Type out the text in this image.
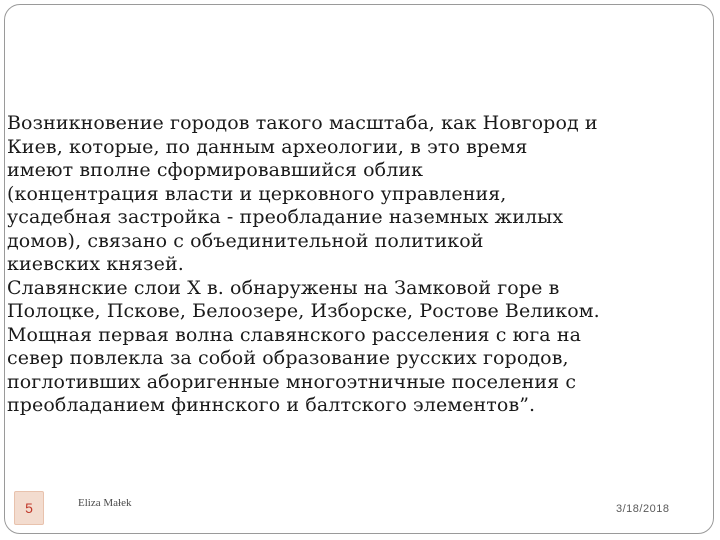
Возникновение городов такого масштаба, как Новгород и
Киев, которые, по данным археологии, в это время
имеют вполне сформировавшийся облик
(концентрация власти и церковного управления,
усадебная застройка - преобладание наземных жилых
домов), связано с объединительной политикой
киевских князей.

Славянские слои X в. обнаружены на Замковой горе в
Полоцке, Пскове, Белоозере, Изборске, Ростове Великом.
Мощная первая волна славянского расселения с юга на
север повлекла за собой образование русских городов,
поглотивших аборигенные многоэтничные поселения с
преобладанием финнского и балтского элементов”.

5	Eliza Małek	3/18/2018
